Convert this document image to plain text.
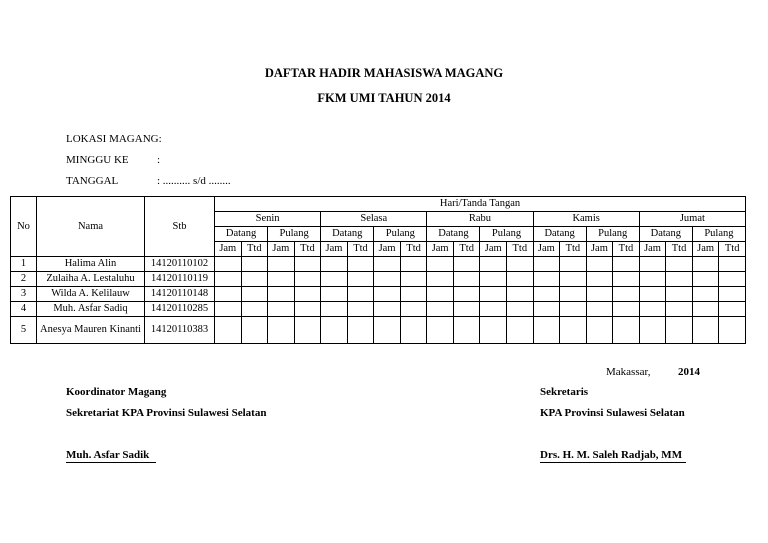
DAFTAR HADIR MAHASISWA MAGANG
FKM UMI TAHUN 2014
LOKASI MAGANG:
MINGGU KE	:
TANGGAL	: .......... s/d ........
No	Nama	Stb	Hari/Tanda Tangan																			
			Senin				Selasa				Rabu				Kamis				Jumat			
			Datang		Pulang		Datang		Pulang		Datang		Pulang		Datang		Pulang		Datang		Pulang	
			Jam	Ttd	Jam	Ttd	Jam	Ttd	Jam	Ttd	Jam	Ttd	Jam	Ttd	Jam	Ttd	Jam	Ttd	Jam	Ttd	Jam	Ttd
1	Halima Alin	14120110102																				
2	Zulaiha A. Lestaluhu	14120110119																				
3	Wilda A. Kelilauw	14120110148																				
4	Muh. Asfar Sadiq	14120110285																				
5	Anesya Mauren Kinanti	14120110383																				
Makassar,	2014
Koordinator Magang
Sekretariat KPA Provinsi Sulawesi Selatan
Muh. Asfar Sadik
Sekretaris
KPA Provinsi Sulawesi Selatan
Drs. H. M. Saleh Radjab, MM
